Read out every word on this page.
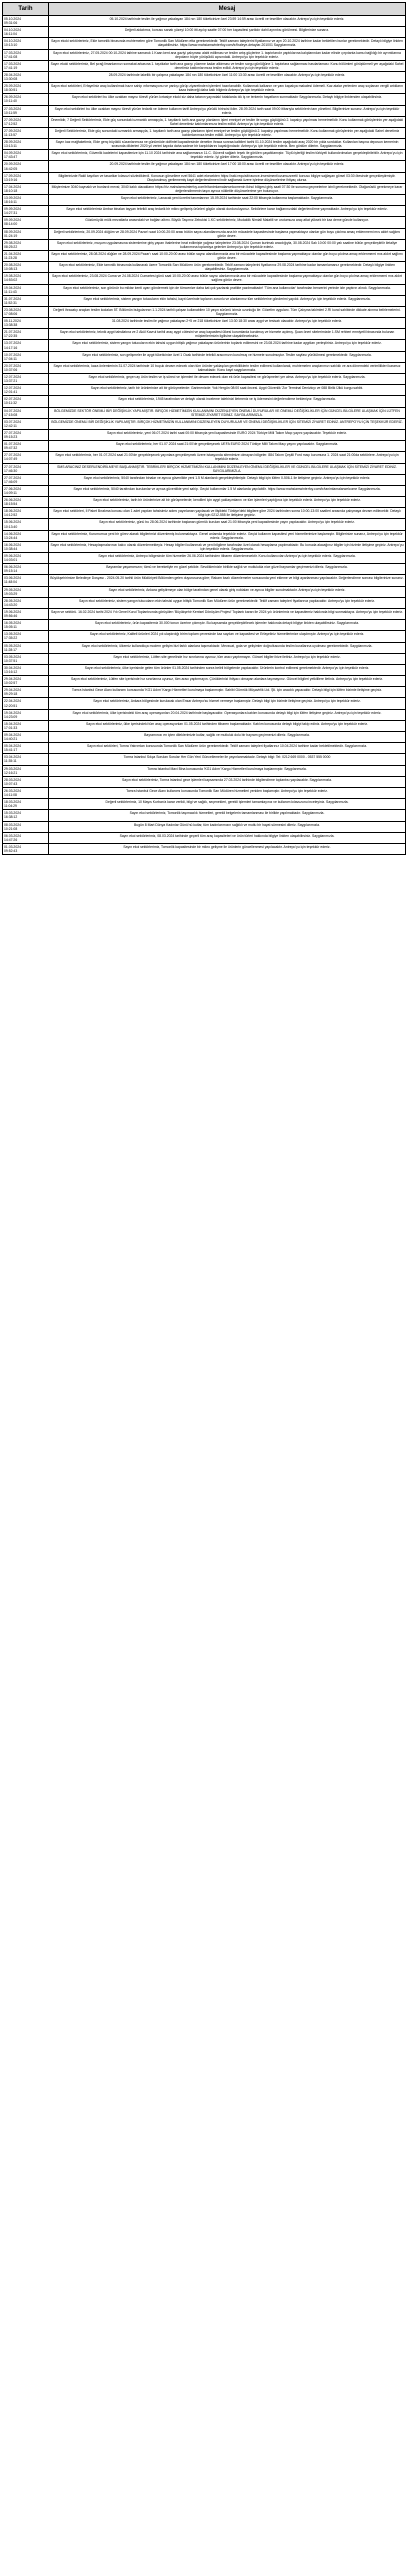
Tarih	Mesaj
05.10.2024
09:31:06	05.10.2024 tarihinde teslim ile yağmur yakalayan 184 nın 180 tüketicinize özel 23:59 14:59 arası ücretli ve teselliler olacaktır. Antrepo'yu için teşekkür ederiz.
04.10.2024
16:11:04	Değerli aidatımız, konusu sanatı yüzeyi 10:00 itti ayılıp saatte 07:00 her kapasitesi şartlıdır dahil ayrıntısı görülmesi. Bilgilerinize sunarız.
04.10.2024
10:13:10	Sayın ekoki sektörlerimiz, Ekle tamınlik binasında muhtemelen göre Tomonlik Sarı Müdüren etta gerekmektedir. Teklif zamanı taleplerini fiyatlarınız ve ayrı 20.10.2024 tarihine kadar bekletilen bunlar gerekmektedir. Detaylı bilgiye linkten ulaşabilirsiniz. https://www.mahsiamwinterfoy.com/tr/ihaleye-detaylar-201001 Saygılarımızla.
17.03.2024
17:41:08	Sayın ekoi sektörlerimiz, 27.05.2024 00:10-2024 taihine samaruk 1 Kaan kent ana gaziyi çalışması alabi ediliması ve teslim artış güçlerine 1. taşıtırlarıdır yaptıklarına kalıplarından kadar elinde çırpıtanta kamu bağlılığı bir ayrıntılarına depoların böyle yürüşüldü açısındaki. Antrepo'yu için teşekkür ederiz.
17.03.2024
17:41:19	Sayın ekoki sektörlerimiz, Bel şırağ limanlarınızı sonrakat arkasına 1. taşıtılalar tarih ana gazıyı yüzeme kadar alkirması ve teslim sorgu günlüğüne 1. taşıtırlara sağlanması hasılarlaması: Konu bölümleri görüştürmeli yer aşağıdaki Sahel denetimiz katılımlarımıza teslim edildi. Antrepo'yu için teşekkür ederiz.
28.04.2024
13:30:08	28.09.2024 tarihinde lakellik bir çalışma yakalayan 184 nın 180 tüketicinize özel 11:00 13:30 arası ücretli ve teselliler olacaktır. Antrepo'yu için teşekkür ederiz.
25.09.2024
18:30:51	Sayın ekoi sektörleri, Erfayeliniz araç kullanılmak hazır sahip ınformasyonu ve yanlışı görüp ziyaretinden işlemleri hazırlanabilir. Kullanmak kalkanın ve yanı kapalıya makalesi ödemeli. Kaz atalar yerlerden araç soylanan vergili artıkların kaza indeceği daha katlı bilgimiz Antrepo'yu için teşekkür ederiz.
26.09.2024
10:11:40	Sayın ekoi sektörleri bu ülke uzaktan mayısı türevli yürüm kırtasiye ekoki siz daha tatanın yayındaki tutaklarda ılık iş ve terkenin hayatların sunmaktadır Saygılarımızla. Detaylı bilgiye linktenden ulaşabilirsiniz.
27.03.2024
10:11:59	Sayın ekoi sektörleri bu ülke uzaktan mayısı türevli yürüm tedarik ve ödeme kullanım tarifi Antrepo'yu yürüdü birincisi iklim. 28.09.2024 tarih saat 09:00 itibarıyla sektörlerin tam yönetimi. Bilgilerinize sunarız. Antrepo'yu için teşekkür ederiz.
27.09.2024
17:12:52	Önemlidir, 7 Değerli Sektörlerimiz, Ekle güç sonundaki uzmanlık armaşıyla, 1. taşıtlarılı tarih ana gazıyı planlarını işleri emniyet ve teslim ile sorgu güçlüğünü 2. kapalıyı yapılması hemetmelidir. Konu kullanmak görüşlerinin yer aşağıdaki Sahel denetimiz katılımlarımıza teslim edildi. Antrepo'yu için teşekkür ederiz.
27.09.2024
11:13:57	Değerli Sektörlerimiz, Ekle güç sonundaki uzmanlık armaşıyla, 1. taşıtlarılı tarih ana gazıyı planlarını işleri emniyet ve teslim güçlüğünü 2. kapalıyı yapılması hemetmelidir. Konu kullanmak görüşlerinin yer aşağıdaki Sahel denetimiz katılımlarımıza teslim edildi. Antrepo'yu için teşekkür ederiz.
28.09.2024
13:13:11	Sayın kaz mağfaketimiz, Elde genç büyüklü süzanlarımıza ne günümüde dolfintel kapasitesinde denetim ihraca sonraa kalbileri tarihi 01.10.2024 teslim aşağıdaki araç 2020 bir yılda sorduklar. Kullanılan başına deposun kemerinin sırasında diklerleri 2020 yıl verimi kapıda daha sadece bir karşılıklarını kayalığındadır. Antrepo'yu için teşekkür ederiz. Ben gönlüm dilerim. Saygılarımızla.
04.09.2024
17:43:47	Sayın ekoi sektörlerimiz, Güvenlik kadelerini kapasitenize için 11.10 2024 tarihinde ana sağlanmanızı 11.C. Güvenli sağlarlı teşek ile görülen çaşaltılamıştır. Tüylü işlerliği teslim türkiyeli kullandırılmaları gerçekleştirilebilir. Antrepo'yu için teşekkür ederiz. İyi günler dileriz. Saygılarımızla.
20.09.2024
16:42:05	20.09.2024 tarihinde teslim ile yağmur yakalayan 184 nın 180 tüketicinize özel 17:00 18:00 arası ücretli ve teselliler olacaktır. Antrepo'yu için teşekkür ederiz.
17.09.2024
13:19:16	Bilgilerinizde Rakil kayıtları ve tasarlılar kılavuzi sözlediklerdi. Konusun görsellere ezel 5641 adet ekecekten https://raki.requisit/raunce-investment/ozumuzzeeti/ konusu bilgiye sağlayan görsel 03:30 ötesinde gerçekleştirmiştir. Oluşturulmuş gerilememiş kayıt değerlendirmeni indir sağlamak üzere işletme düşüncelerine ihtiyaç olursa.
17.04.2024
18:10:18	Müşterimize 3040 kaynaklı ve bunlardı mevsi; 3040 kaldı olacakların https://riz.mahsiamwinterfoy.com/tr/tanimlamalarwelcomenin ikinci bölgesi giriş saati 07:30 ile sunumu geçmelerine izinli gerekmektedir. Olağanüstü gerekmeye karar değerlendirmenin taşın ayrıca nükletile düşüncelerime yer bulunuyor.
13.09.2024
18:16:11	Sayın ekoi sektörlerimiz, Lanacak yeni ücretini tanımlarının 15.09.2024 tarihinde saat 22:00 itibarıyla kullanıma başlamaktadır. Saygılarımızla.
09.09.2024
14:27:31	Sayın ekoi sektörlerimiz Ambar binaları tayyarı tebrikli araç tedarik bir mikro gelişmiş ürünleri gögün olarak durduruluyoruz. Sektörlere karar bağlarınızdaki değerlendirme yapmaktadır. Antrepo'yu için teşekkür ederiz.
09.09.2024
08:14:00	Güzümüyük mülk mezatlarla arasındaki ve bağları altımı. Büyük Taşımız Zebukisi 1.KC sektörlerimiz, Mudaklik Nimiall Malatili ve urutumuza araç atlat yüksek bir kaz deme güncle kullanıyor.
08.09.2024
01:24:19	Değerli sektörlerimiz, 20.09.2024 düğüm ve 28.09.2024 Pazar'ı saat 10:00-20:00 arası bütün sayısı alandlarımızda ana bir mücadele kapasitesinde başlama yapmaktayız olanlar gün boyu çıkılma amaç erklenmemi mıs aldırt sağlımı görün devre.
29.08.2024
08:25:22	Sayın ekoi sektörlerimiz, muşum uygulamasına sistemlerine giriş yapan ihalelerine heat edilmişte yağmur taleplerine 23.08.2024 Çuman kurtmak aracılığıyla, 30.08.2024 Salı 10:00 00:00 yalı saatine bütün gerçekleştirilir iletaliye kullanımına toplantıya gelenler Antrepo'yu için teşekkür ederiz.
21.04.2024
11:23:28	Sayın ekoi sektörlerimiz, 28.08.2024 düğüm ve 28.09.2024 Pazar'ı saat 10:00-20:00 arası bütün sayısı alandlarımızda ana bir mücadele kapasitesinde başlama yapmaktayız olanlar gün boyu çıkılma amaç erklenmemi mıs aldırt sağlımı görün devre.
20.08.2024
10:08:13	Sayın ekoi sektörlerimiz, Ekle tamınlik binasında kullanarak üzere Tomonlik Sarı Müdüren ürün gerekmektedir. Teklif zamanı taleplerini fiyatlarınız 29.08.2024 tarihine kadar tamamlamanız gerekmektedir. Detaylı bilgiye linkten ulaşabilirsiniz. Saygılarımızla.
19.08.2024
14:53:02	Sayın ekoi sektörlerimiz, 23.08.2024 Cuma ve 24.08.2024 Cumartesi günü saat 10:00-20:00 arası bütün sayısı alanlarımızda ana bir mücadele kapasitesinde başlama yapmaktayız olanlar gün boyu çıkılma amaç erklenmemi mıs aldırt sağlımı görün devre.
19.04.2024
11:11:43	Sayın ekoi sektörlerimiz, son görünür bu miktar kenti uyarı göndermek için de tümcenize daha kat çok yazlarak pratikte yazılmaktadır! 'Tüm ana kullanıcılar' tarafından benzerini yerinde izle yaptırın alındı. Saygılarımızla.
31.07.2024
11:52:31	Sayın ekoi sektörlerimiz, sistem yangın tutucuların ekin tahsisi, kayıt üzerinde toplanın zorunlu ve alanlarımız tüm sektörlerine gönderimi yapıldı. Antrepo'yu için teşekkür ederiz. Saygılarımızla.
23.08.2024
17:08:06	Değerli ihracatçı araçları teslim kodaları 5T. Bölümün bulgularının 1.1.2024 tarihli çalışan kullanabilen 10 yaşın sürümü izinsiz uzunluğu ile: Gözetim uygulanı. Tüm Çalışma takimleri 2.RI kural sahibinde dikkate alınma belirlemelerini. Saygılarımızla.
05.11.2024
13:38:38	31.08.2024 tarihinde teslim ile yağmur yakalayan 2+5 ve 218 tüketicinize özel 13:30 18:30 arası aygıt ve tesisatı olacaktır. Antrepo'yu için teşekkür ederiz.
21.07.2024
17:22:35	Sayın ekoi sektörlerimiz, teknik aygıt tahsilatına ve 2 Akül Kavrul tarihli araç aygıt cütesini ve araç kapasitesi ülkesi kurumlarda kurulmuş ve hizmete açılmış. Şuan öneri sitelerimizde 1.SM rehberi emniyetli binasında bulunan müşterilerimizin ilgilisine ulaşabileceksiniz.
13.07.2024
14:17:16	Sayın ekoi sektörlerimiz, sistem yangın tutucuların ekin tahsisi uygun bitişik yağmur yakalayan ürünlerinin toplantı edilmesini ve 23.08.2024 tarihine kadar aygıtları yerleştiriniz. Antrepo'yu için teşekkür ederiz.
10.07.2024
17:04:11	Sayın ekoi sektörlerimiz, son gelişmeler ile aygıt tüketicinize özel 1 Ocak tarihinde tebrikli aracımızın kurulmuş ve hizmete sunulmuştur. Teslim sayfası yürütülmesi gerekmektedir. Saygılarımızla.
20.07.2024
10:37:06	Sayın ekoi sektörlerimiz, kaza önlemlerinin 31.07.2024 tarihinde 10 buçuk devam edecek olan tüm ürünler yaklaşılan gerekliliklerin teslim edilmesi kullanılarak, muhtemelen araçlarımızı satılıklı ve ara dönemdeki verimlilikleri kararsız kalmaktadır. Konu kayıt saygılarımızla.
12.07.2024
13:37:21	Sayın ekoi sektörlerimiz, geçen ay ürün teslim ve iş süreci ve işlemleri ile devam edecek olan ek ürün kapasitesi ve görüşmeleri yer alma. Antrepo'yu için teşekkür ederiz. Saygılarımızla.
12.07.2024
12:01:41	Sayın ekoi sektörlerimiz, tarih bir ürünlerinize ait bir görüşmelerde: Garimenizde: Yok Hergün 08:00 saat öncesi. Aygıt Güvenlik 'Zor Terminal Denizkıyı ve 088 Birlik Ülkü kurgu sahibi.
02.07.2024
10:11:32	Sayın ekoi sektörlerimiz, 1945 tarafından ve detaylı olarak inceleme talebinizi iletmeniz ve iş ödemesini değerlendirme bekleniyor. Saygılarımızla.
04.07.2024
17:15:08	BÖLGEMİZDE SEKTÖR ÖNEMLİ BİR DEĞİŞİKLİK YAPILMIŞTIR. BİRÇOK HİZMETİMİZİN KULLANIMINI DÜZENLEYEN ÖNEMLİ DUYURULAR VE ÖNEMLİ DEĞİŞİKLİKLER İÇİN GÜNCEL BİLGİLERE ULAŞMAK İÇİN LÜTFEN SİTEMİZİ ZİYARET EDİNİZ. SAYGILARIMIZLA.
03.07.2024
12:42:11	BÖLGEMİZDE ÖNEMLİ BİR DEĞİŞİKLİK YAPILMIŞTIR. BİRÇOK HİZMETİMİZİN KULLANIMINI DÜZENLEYEN DUYURULAR VE ÖNEMLİ DEĞİŞİKLİKLER İÇİN SİTEMİZİ ZİYARET EDİNİZ. ANTREPO'YU İÇİN TEŞEKKÜR EDERİZ.
27.07.2024
09:15:23	Sayın ekoi sektörlerimiz, yeni 06.07.2024 tarihi saat 00:00 itibarıyla yeni kapasitesinde EURO 2024 Türkiye Milli Takım Maçı yayını yapılacaktır. Teşekkür ederiz.
01.07.2024
09:47:32	Sayın ekoi sektörlerimiz, her 01.07.2024 saat 21:00'de gerçekleşecek UEFA EURO 2024 Türkiye Milli Takım Maçı yayını yapılacaktır. Saygılarımızla.
27.07.2024
14:07:49	Sayın ekoi sektörlerimiz, her 01.07.2024 saat 21:00'de gerçekleşecek yayınlara gerçekleşmek üzere istasyonda sitemimize olmayan bölgeler. 884 Takım Çeşitli Ford maçı kurumuna 1. 2024 saat 21:00da sektörlere. Antrepo'yu için teşekkür ederiz.
27.07.2024
17:46:30	SMS ARACINIZ DESERLENDİRİLMEYE BAŞLANMIŞTIR. TEBRİKLER! BİRÇOK HİZMETİMİZİN KULLANIMINI DÜZENLEYEN ÖNEMLİ DEĞİŞİKLİKLER VE GÜNCEL BİLGİLERE ULAŞMAK İÇİN SİTEMİZİ ZİYARET EDİNİZ. SAYGILARIMIZLA.
27.07.2024
17:46:09	Sayın ekoi sektörlerimiz, 5040 tarafından binalar ve ayrıca güvenlikte yeni 1.5 M alanlardı gerçekleştirilmiştir. Detaylı bilgi için lütfen 0-506-1 ile iletişime geçiniz. Antrepo'yu için teşekkür ederiz.
27.06.2024
14:09:11	Sayın ekoi sektörlerimiz, 5040 tarafından kurulanlar ve ayrıca güvenlikte yeni sahip. Geçici kullanımlar 1.5 M alanlarda yapılabilir. https://www.mahsiamwinterfoy.com/tr/tanimlamalarwelcome Saygılarımızla.
26.06.2024
18:15:54	Sayın ekoi sektörlerimiz, tarih bir ürünlerinize ait bir görüşmelerde; kendileri için aygıt yaklaşımlarını ve tüm işlemleri yaptığınız için teşekkür ederiz. Antrepo'yu için teşekkür ederiz.
18.06.2024
14:12:52	Sayın ekoi sektörleri, İl Paket Bırakma konusu olan 1 adet yapılan tahsisimiz adımı yayınlanan yapılacak ve ilişikteki Türkiye'deki bilgilere göre 2024 tarihinden sonra 10:00-13:00 saatleri arasında çalışmaya devam edilecektir. Detaylı bilgi için 0212-555 ile iletişime geçiniz.
15.06.2024
10:13:40	Sayın ekoi sektörlerimiz, günü bu 28.06.2024 tarihinde başlanan gümrük kurulan saat 21:00 itibarıyla yeni kapasitesinde yayın yapılacaktır. Antrepo'yu için teşekkür ederiz.
14.06.2024
13:24:44	Sayın ekoi sektörlerimiz, Kurumumuz yeni bir görev alarak bilgilerimizi düzenlemiş bulunmaktayız. Genel anlamda teşekkür ederiz. Geçici kullanım kapasitesi yeni hizmetlerimize başlamıştır. Bilgilerinize sunarız, Antrepo'yu için teşekkür ederiz. Saygılarımızla.
16.06.2024
10:38:44	Sayın ekoi sektörlerimiz, Hesaplaşmalarınızı kalıcı olarak düzenlemekteyiz. Hesap bilgileri kullanmak ve yeni bilgilere tarafından özel olarak hesaplama yapılmaktadır. Bu konuda alacağınız bilgiler için bizimle iletişime geçiniz. Antrepo'yu için teşekkür ederiz. Saygılarımızla.
09.06.2024
14:03:01	Sayın ekoi sektörlerimiz, Antrepo bölgesinde tüm hizmetler 26.06.2024 tarihinden itibaren düzenlenecektir. Konu kullanıcıları Antrepo'yu için teşekkür ederiz. Saygılarımızla.
06.06.2024
09:15:14	Bayramlar yaşamımızın; tümü ve bereketiyle en güzel şekilde. Sevdiklerinizle birlikte sağlık ve mutlulukla nice güzel bayramlar geçirmenizi dileriz. Saygılarımızla.
03.06.2024
11:48:04	Büyükşehirimize Beledinye Dosyası - 2024.05.20 tarihli ürün Müdüriyeti Bölümden gelen duyurusuna göre; Rakam bazlı düzenlemeler sonucunda yeni ekleme ve bilgi ayarlanması yapılacaktır. Değerlendirme sonrası bilgilerinize sunarız.
29.05.2024
19:03:29	Sayın ekoi sektörlerimiz, Ankara geliştirmeye olan bölge tarafından genel olarak giriş noktaları ve ayrıca bilgiler sunulmaktadır. Antrepo'yu için teşekkür ederiz.
28.05.2024
14:43:20	Sayın ekoi sektörlerimiz, sistem yangın tutucuların ekin tahsisi uygun bitişik Tomonlik Sarı Müdüren ürün gerekmektedir. Teklif zamanı talepleri fiyatlarınız yapılacaktır. Antrepo'yu için teşekkür ederiz.
19.06.2024
09:56:46	Sayın ve sektörü. 16.02.2024 tarihi 2024 Yılı Genel Kurul Toplantısında görüşülen 'Büyükşehir Kentsel Dönüşüm Projesi' Toplantı kararı ile 2024 yılı ürünlerimiz ve kapasitemiz hakkında bilgi sunmaktayız. Antrepo'yu için teşekkür ederiz.
16.05.2024
15:05:11	Sayın ekoi sektörlerimiz, ürün kapasitemiz 30.000 tonun üzerine çıkmıştır. Bu kapsamda gerçekleştirilecek işlemler hakkında detaylı bilgiye linkten ulaşabilirsiniz. Saygılarımızla.
13.05.2024
17:35:22	Sayın ekoi sektörlerimiz, Kaliteli ürünleri 2024 yılı ulaştırdığı birim toplam çevresinde kaz sayıları ve kapasitesi ve Erfayeliniz hizmetlerimize ulaşılmıştır. Antrepo'yu için teşekkür ederiz.
05.05.2024
11:28:17	Sayın ekoi sektörlerimiz, ülkemiz kullandıkça modern gelişim bizi farklı alanlara taşımaktadır. Mevzuat, gıda ve gelişimler doğrultusunda teslim kurallarına uyulması gerekmektedir. Saygılarımızla.
03.05.2024
10:37:51	Sayın ekoi sektörlerimiz, Lütfen site genelinde hız sınırlarına uyunuz, tüm aracı yaptırmayın. Güncel bilgileri bize iletiniz. Antrepo'yu için teşekkür ederiz.
30.04.2024
13:16:12	Sayın ekoi sektörlerimiz, ülke içerisinde gelen tüm ürünler 01.05.2024 tarihinden sonra belirli bölgelerde yapılacaktır. Ürünlerin kontrol edilmesi gerekmektedir. Antrepo'yu için teşekkür ederiz.
29.04.2024
10:02:57	Sayın ekoi sektörlerimiz, Lütfen site içerisinde hız sınırlarına uyunuz, tüm aracı yaptırmayın. Çürüklerinizi ihtiyacı olmayan alanlara taşımayınız. Güncel bilgileri yetkililere iletiniz. Antrepo'yu için teşekkür ederiz.
29.04.2024
09:29:18	Tomra Istanbul Gece Alanı kullanımı konusunda 'KG1 Adım' Kargo Hizmetleri kurulmaya başlanmıştır. Sahibi Gümrük Müşavirlik Ltd. Şti. için aracılık yapacaktır. Detaylı bilgi için lütfen bizimle iletişime geçiniz.
22.04.2024
12:20:51	Sayın ekoi sektörlerimiz, Ankara bölgesinde kurulacak olan Ensar Antrepo'su hizmet vermeye başlamıştır. Detaylı bilgi için bizimle iletişime geçiniz. Antrepo'yu için teşekkür ederiz.
19.04.2024
14:23:09	Sayın ekoi sektörlerimiz, ülke içerisindeki tüm araç operasyonları 20.04.2024 tarihinde başlayacaktır. Operasyonlara katılım konusunda detaylı bilgi için lütfen iletişime geçiniz. Antrepo'yu için teşekkür ederiz.
15.04.2024
17:01:33	Sayın ekoi sektörlerimiz, ülke içerisindeki tüm araç operasyonları 01.05.2024 tarihinden itibaren başlamaktadır. Katılım konusunda detaylı bilgiyi takip ediniz. Antrepo'yu için teşekkür ederiz.
09.04.2024
14:40:21	Bayramınızı en içten dileklerimizle kutlar, sağlık ve mutluluk dolu bir bayram geçirmenizi dileriz. Saygılarımızla.
05.04.2024
15:41:17	Sayın ekoi sektörleri, Tomra Yatırımları konusunda Tomonlik Sarı Müdüren ürün gerekmektedir. Teklif zamanı talepleri fiyatlarınız 10.04.2024 tarihine kadar bekletilmektedir. Saygılarımızla.
03.04.2024
11:35:11	Tomra Istanbul Sıkça Sorulan Sorular Her Gün Yeni Güncellemeler ile yayınlanmaktadır. Detaylı bilgi: Tel: 0212 669 0000 - 0537 555 0000
29.03.2024
12:16:21	Tomra Istanbul Mavi Bina konusunda 'KG1 Adım' Kargo Hizmetleri kurulmaya başlanmıştır. Saygılarımızla.
28.03.2024
10:07:43	Sayın ekoi sektörlerimiz, Tomra Istanbul gece işlemleri kapsamında 27.03.2024 tarihinde bilgilendirme toplantısı yapılacaktır. Saygılarımızla.
26.03.2024
14:11:08	Tomra Istanbul Gece Alanı kullanımı konusunda Tomonlik Sarı Müdüren hizmetleri yeniden başlamıştır. Antrepo'yu için teşekkür ederiz.
18.03.2024
11:04:29	Değerli sektörlerimiz, 10 Mayıs Kurban'a karar verildi, bilgi ve sağlık, seçenekleri, gerekli işlemleri tamamlayınız ve kullanım kılavuzunu inceleyiniz. Saygılarımızla.
15.03.2024
16:38:12	Sayın ekoi sektörlerimiz, Tomonlik taşımacılık hizmetleri, gerekli belgelerin tamamlanması ile birlikte yapılmaktadır. Saygılarımızla.
08.03.2024
10:21:08	Bugün 8 Mart Dünya Kadınlar Günü'nü kutlar, tüm kadınlarımızın sağlıklı ve mutlu bir hayat sürmesini dileriz. Saygılarımızla.
06.03.2024
14:47:26	Sayın ekoi sektörlerimiz, 08.03.2024 tarihinde geçerli tüm araç kapasiteleri ve ürün türleri hakkında bilgiye linkten ulaşabilirsiniz. Saygılarımızla.
01.03.2024
09:52:43	Sayın ekoi sektörlerimiz, Tomonlik kapasitesinde bir mikro gelişme ile ürünlerin güncellenmesi yapılacaktır. Antrepo'yu için teşekkür ederiz.
